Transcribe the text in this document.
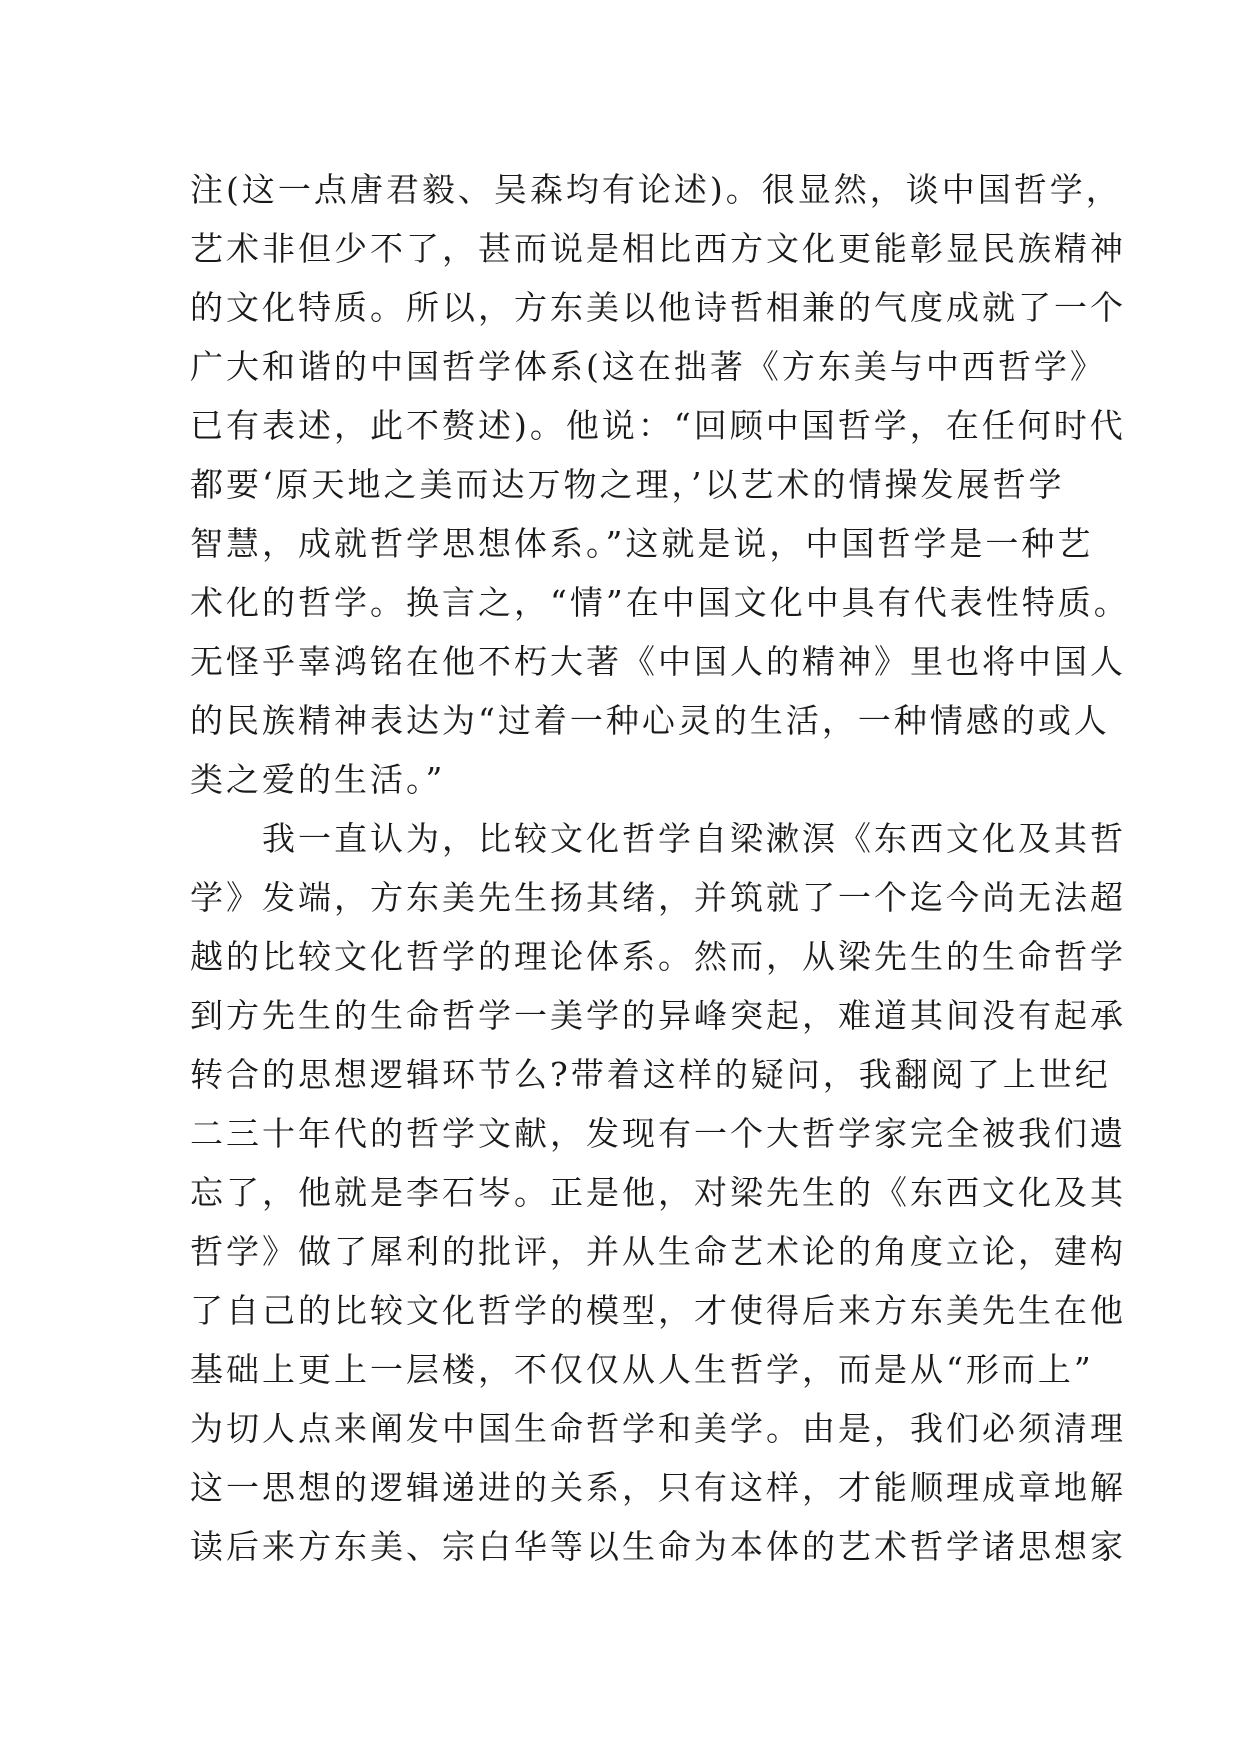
注(这一点唐君毅、吴森均有论述)。很显然，谈中国哲学，
艺术非但少不了，甚而说是相比西方文化更能彰显民族精神
的文化特质。所以，方东美以他诗哲相兼的气度成就了一个
广大和谐的中国哲学体系(这在拙著《方东美与中西哲学》
已有表述，此不赘述)。他说：“回顾中国哲学，在任何时代
都要‘原天地之美而达万物之理，’以艺术的情操发展哲学
智慧，成就哲学思想体系。”这就是说，中国哲学是一种艺
术化的哲学。换言之，“情”在中国文化中具有代表性特质。
无怪乎辜鸿铭在他不朽大著《中国人的精神》里也将中国人
的民族精神表达为“过着一种心灵的生活，一种情感的或人
类之爱的生活。”
　　我一直认为，比较文化哲学自梁漱溟《东西文化及其哲
学》发端，方东美先生扬其绪，并筑就了一个迄今尚无法超
越的比较文化哲学的理论体系。然而，从梁先生的生命哲学
到方先生的生命哲学一美学的异峰突起，难道其间没有起承
转合的思想逻辑环节么?带着这样的疑问，我翻阅了上世纪
二三十年代的哲学文献，发现有一个大哲学家完全被我们遗
忘了，他就是李石岑。正是他，对梁先生的《东西文化及其
哲学》做了犀利的批评，并从生命艺术论的角度立论，建构
了自己的比较文化哲学的模型，才使得后来方东美先生在他
基础上更上一层楼，不仅仅从人生哲学，而是从“形而上”
为切人点来阐发中国生命哲学和美学。由是，我们必须清理
这一思想的逻辑递进的关系，只有这样，才能顺理成章地解
读后来方东美、宗白华等以生命为本体的艺术哲学诸思想家
